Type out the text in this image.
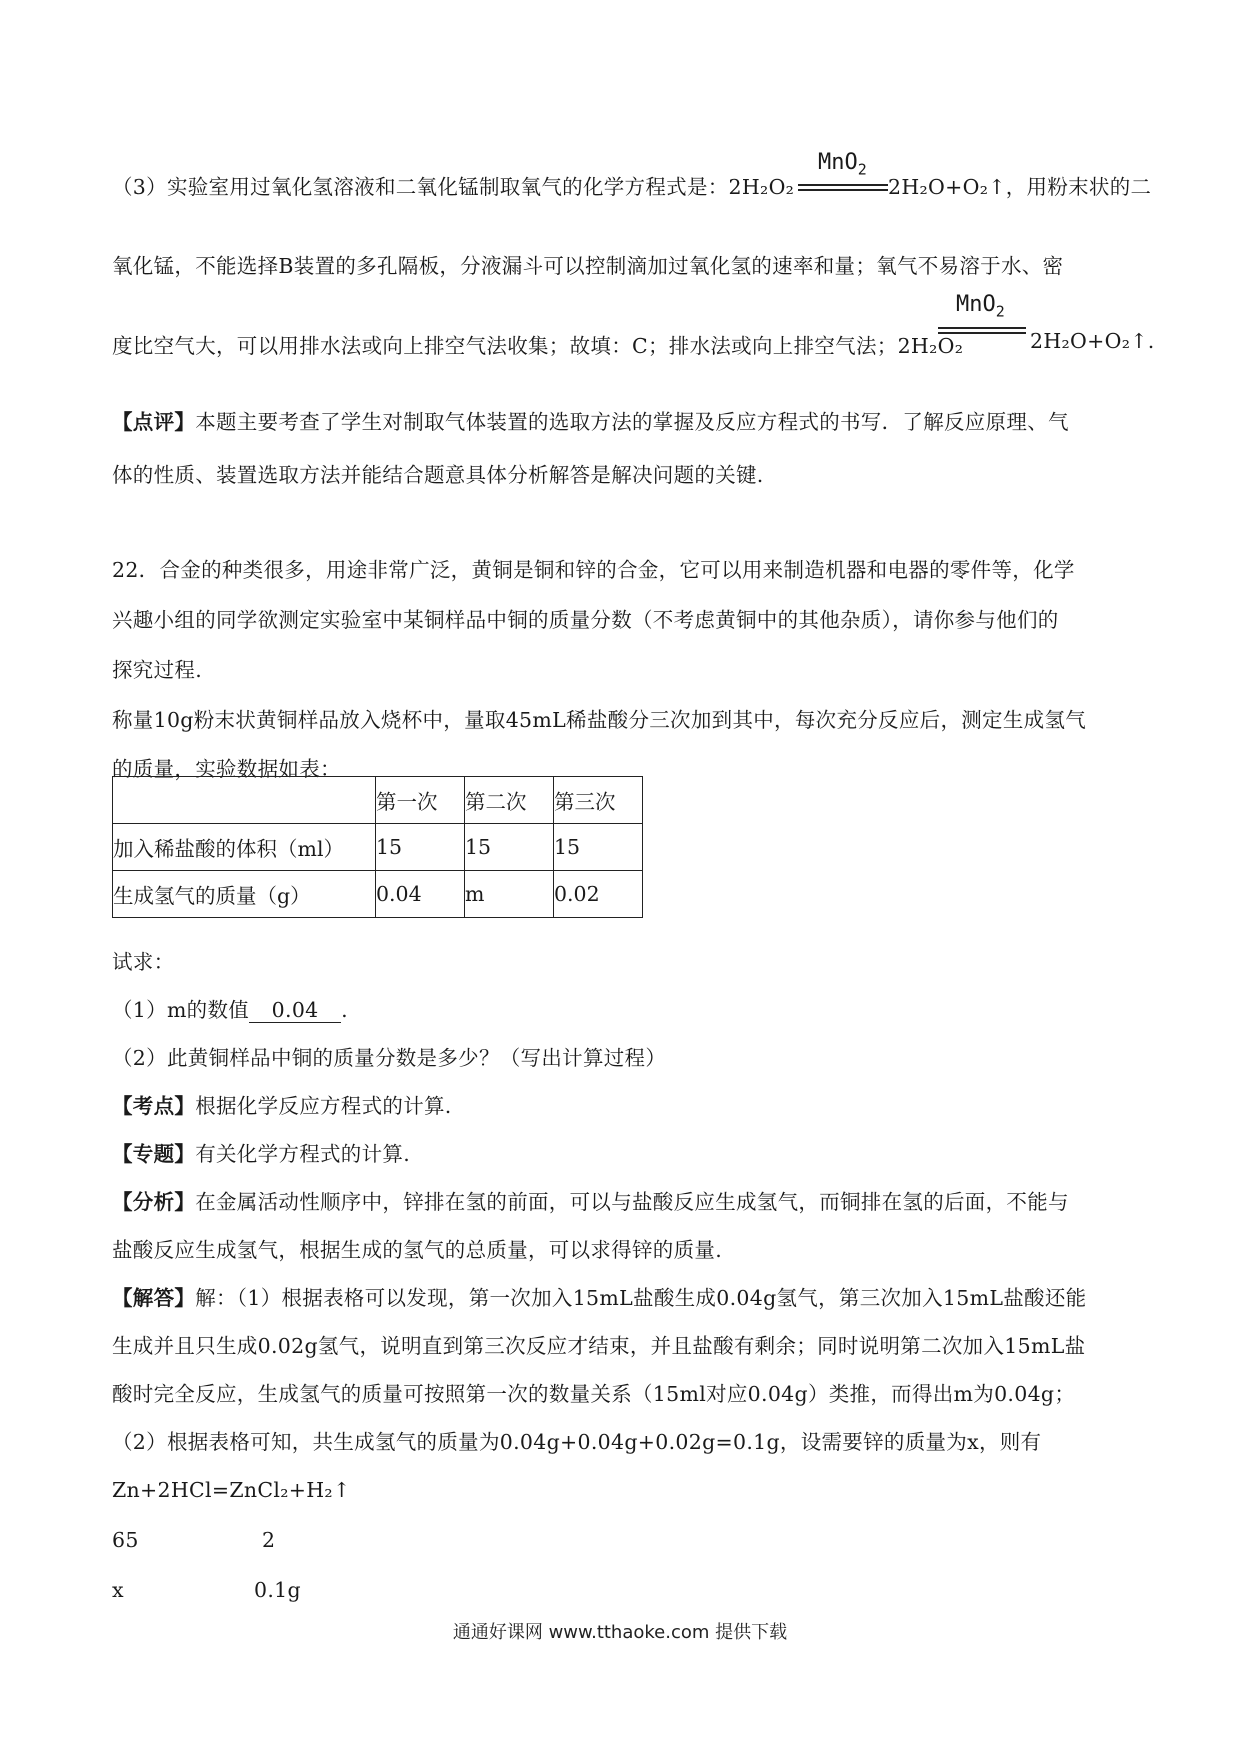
MnO$_2$
（3）实验室用过氧化氢溶液和二氧化锰制取氧气的化学方程式是：2H₂O₂	2H₂O+O₂↑，用粉末状的二
氧化锰，不能选择B装置的多孔隔板，分液漏斗可以控制滴加过氧化氢的速率和量；氧气不易溶于水、密
MnO$_2$
度比空气大，可以用排水法或向上排空气法收集；故填：C；排水法或向上排空气法；2H₂O₂	2H₂O+O₂↑.
【点评】本题主要考查了学生对制取气体装置的选取方法的掌握及反应方程式的书写．了解反应原理、气
体的性质、装置选取方法并能结合题意具体分析解答是解决问题的关键.
22．合金的种类很多，用途非常广泛，黄铜是铜和锌的合金，它可以用来制造机器和电器的零件等，化学
兴趣小组的同学欲测定实验室中某铜样品中铜的质量分数（不考虑黄铜中的其他杂质），请你参与他们的
探究过程.
称量10g粉末状黄铜样品放入烧杯中，量取45mL稀盐酸分三次加到其中，每次充分反应后，测定生成氢气
的质量，实验数据如表：
	第一次	第二次	第三次
加入稀盐酸的体积（ml）	15	15	15
生成氢气的质量（g）	0.04	m	0.02
试求：
（1）m的数值 0.04 .
（2）此黄铜样品中铜的质量分数是多少？（写出计算过程）
【考点】根据化学反应方程式的计算.
【专题】有关化学方程式的计算.
【分析】在金属活动性顺序中，锌排在氢的前面，可以与盐酸反应生成氢气，而铜排在氢的后面，不能与
盐酸反应生成氢气，根据生成的氢气的总质量，可以求得锌的质量.
【解答】解：（1）根据表格可以发现，第一次加入15mL盐酸生成0.04g氢气，第三次加入15mL盐酸还能
生成并且只生成0.02g氢气，说明直到第三次反应才结束，并且盐酸有剩余；同时说明第二次加入15mL盐
酸时完全反应，生成氢气的质量可按照第一次的数量关系（15ml对应0.04g）类推，而得出m为0.04g；
（2）根据表格可知，共生成氢气的质量为0.04g+0.04g+0.02g=0.1g，设需要锌的质量为x，则有
Zn+2HCl=ZnCl₂+H₂↑
65	2
x	0.1g
通通好课网 www.tthaoke.com 提供下载
